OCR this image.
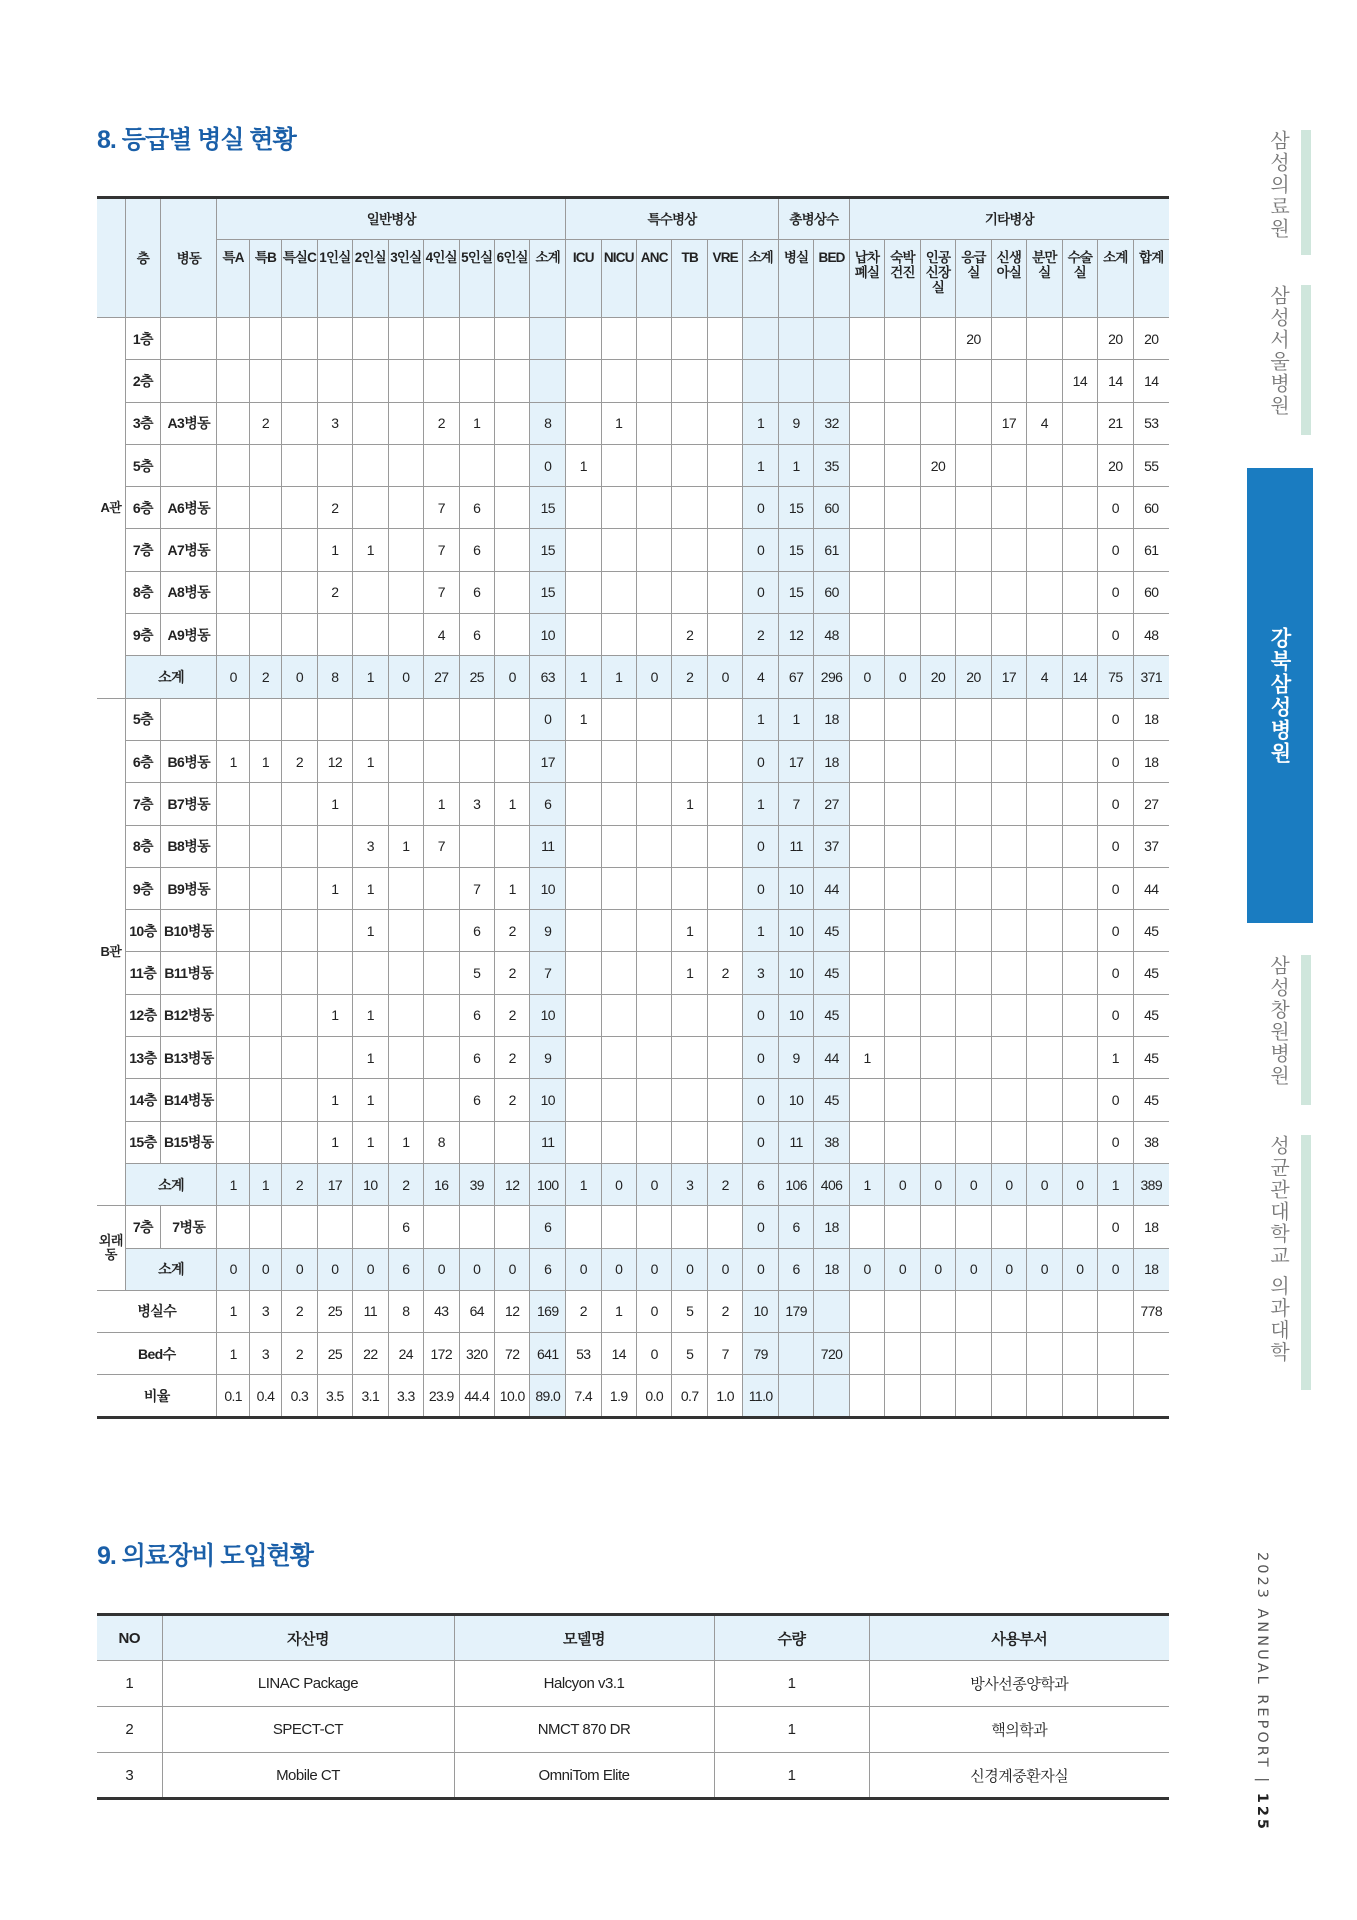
8. 등급별 병실 현황
	층	병동	일반병상										특수병상						총병상수		기타병상								
			특A	특B	특실C	1인실	2인실	3인실	4인실	5인실	6인실	소계	ICU	NICU	ANC	TB	VRE	소계	병실	BED	납차폐실	숙박건진	인공신장실	응급실	신생아실	분만실	수술실	소계	합계
A관	1층																							20				20	20
	2층																										14	14	14
	3층	A3병동		2		3			2	1		8		1				1	9	32					17	4		21	53
	5층											0	1					1	1	35			20					20	55
	6층	A6병동				2			7	6		15						0	15	60								0	60
	7층	A7병동				1	1		7	6		15						0	15	61								0	61
	8층	A8병동				2			7	6		15						0	15	60								0	60
	9층	A9병동							4	6		10				2		2	12	48								0	48
	소계		0	2	0	8	1	0	27	25	0	63	1	1	0	2	0	4	67	296	0	0	20	20	17	4	14	75	371
B관	5층											0	1					1	1	18								0	18
	6층	B6병동	1	1	2	12	1					17						0	17	18								0	18
	7층	B7병동				1			1	3	1	6				1		1	7	27								0	27
	8층	B8병동					3	1	7			11						0	11	37								0	37
	9층	B9병동				1	1			7	1	10						0	10	44								0	44
	10층	B10병동					1			6	2	9				1		1	10	45								0	45
	11층	B11병동								5	2	7				1	2	3	10	45								0	45
	12층	B12병동				1	1			6	2	10						0	10	45								0	45
	13층	B13병동					1			6	2	9						0	9	44	1							1	45
	14층	B14병동				1	1			6	2	10						0	10	45								0	45
	15층	B15병동				1	1	1	8			11						0	11	38								0	38
	소계		1	1	2	17	10	2	16	39	12	100	1	0	0	3	2	6	106	406	1	0	0	0	0	0	0	1	389
외래동	7층	7병동						6				6						0	6	18								0	18
	소계		0	0	0	0	0	6	0	0	0	6	0	0	0	0	0	0	6	18	0	0	0	0	0	0	0	0	18
병실수			1	3	2	25	11	8	43	64	12	169	2	1	0	5	2	10	179										778
Bed수			1	3	2	25	22	24	172	320	72	641	53	14	0	5	7	79		720									
비율			0.1	0.4	0.3	3.5	3.1	3.3	23.9	44.4	10.0	89.0	7.4	1.9	0.0	0.7	1.0	11.0											
9. 의료장비 도입현황
NO	자산명	모델명	수량	사용부서
1	LINAC Package	Halcyon v3.1	1	방사선종양학과
2	SPECT-CT	NMCT 870 DR	1	핵의학과
3	Mobile CT	OmniTom Elite	1	신경계중환자실
삼성의료원
삼성서울병원
강북삼성병원
삼성창원병원
성균관대학교 의과대학
2023 ANNUAL REPORT | 125
